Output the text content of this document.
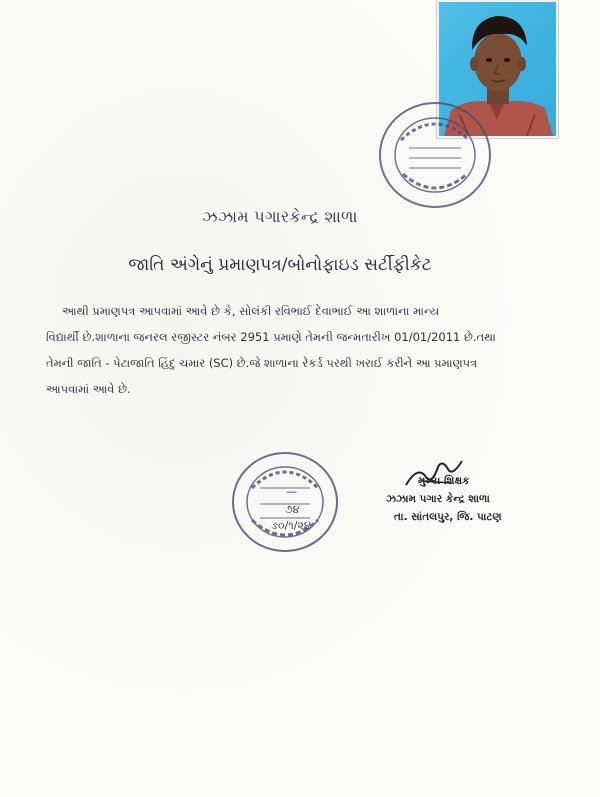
ઝઝામ પગારકેન્દ્ર શાળા
જાતિ અંગેનું પ્રમાણપત્ર/બોનોફાઇડ સર્ટીફીકેટ
આથી પ્રમાણપત્ર આપવામાં આવે છે કે, સોલંકી રવિભાઈ દેવાભાઈ આ શાળાના માન્ય
વિદ્યાર્થી છે.શાળાના જનરલ રજીસ્ટર નંબર 2951 પ્રમાણે તેમની જન્મતારીખ 01/01/2011 છે.તથા
તેમની જાતિ - પેટાજાતિ હિંદુ ચમાર (SC) છે.જે શાળાના રેકર્ડ પરથી ખરાઈ કરીને આ પ્રમાણપત્ર
આપવામાં આવે છે.
—
૭૪
ઙ૦/૧/૨૪
મુખ્ય શિક્ષક
ઝઝામ પગાર કેન્દ્ર શાળા
તા. સાંતલપુર, જિ. પાટણ
